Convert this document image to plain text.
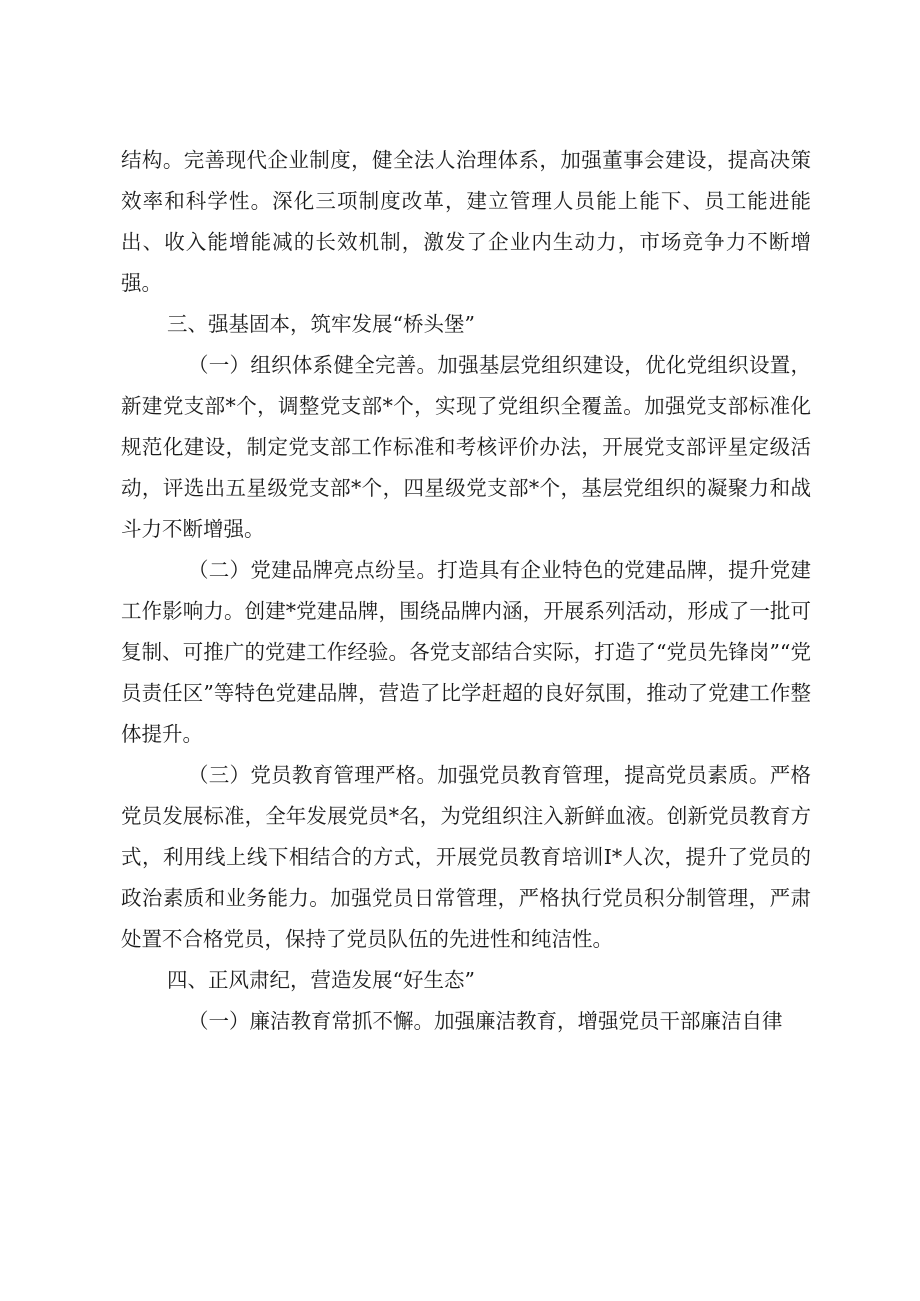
结构。完善现代企业制度，健全法人治理体系，加强董事会建设，提高决策效率和科学性。深化三项制度改革，建立管理人员能上能下、员工能进能出、收入能增能减的长效机制，激发了企业内生动力，市场竞争力不断增强。

三、强基固本，筑牢发展“桥头堡”

（一）组织体系健全完善。加强基层党组织建设，优化党组织设置，新建党支部*个，调整党支部*个，实现了党组织全覆盖。加强党支部标准化规范化建设，制定党支部工作标准和考核评价办法，开展党支部评星定级活动，评选出五星级党支部*个，四星级党支部*个，基层党组织的凝聚力和战斗力不断增强。

（二）党建品牌亮点纷呈。打造具有企业特色的党建品牌，提升党建工作影响力。创建*党建品牌，围绕品牌内涵，开展系列活动，形成了一批可复制、可推广的党建工作经验。各党支部结合实际，打造了“党员先锋岗”“党员责任区”等特色党建品牌，营造了比学赶超的良好氛围，推动了党建工作整体提升。

（三）党员教育管理严格。加强党员教育管理，提高党员素质。严格党员发展标准，全年发展党员*名，为党组织注入新鲜血液。创新党员教育方式，利用线上线下相结合的方式，开展党员教育培训I*人次，提升了党员的政治素质和业务能力。加强党员日常管理，严格执行党员积分制管理，严肃处置不合格党员，保持了党员队伍的先进性和纯洁性。

四、正风肃纪，营造发展“好生态”

（一）廉洁教育常抓不懈。加强廉洁教育，增强党员干部廉洁自律
